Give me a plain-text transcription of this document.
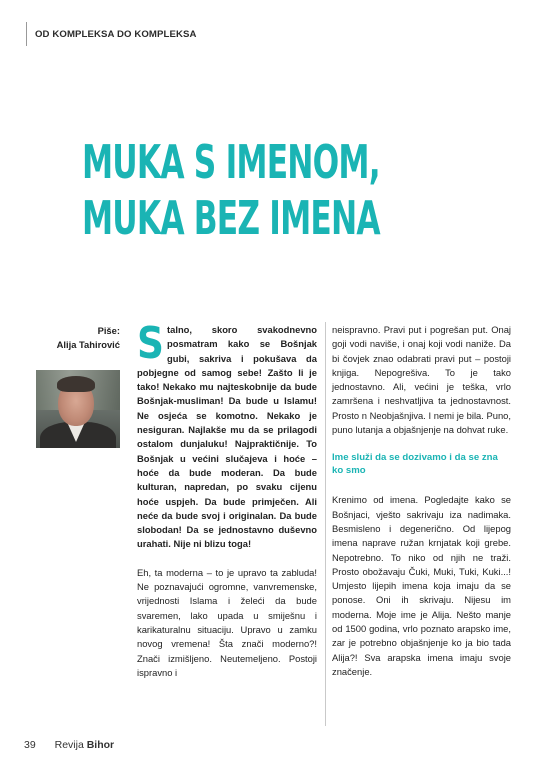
OD KOMPLEKSA DO KOMPLEKSA
MUKA S IMENOM,
MUKA BEZ IMENA
Piše:
Alija Tahirović S talno, skoro svakodnevno posmatram kako se Bošnjak gubi, sakriva i pokušava da pobjegne od samog sebe! Zašto li je tako! Nekako mu najteskobnije da bude Bošnjak-musliman! Da bude u Islamu! Ne osjeća se komotno. Nekako je nesiguran. Najlakše mu da se prilagodi ostalom dunjaluku! Najpraktičnije. To Bošnjak u većini slučajeva i hoće – hoće da bude moderan. Da bude kulturan, napredan, po svaku cijenu hoće uspjeh. Da bude primječen. Ali neće da bude svoj i originalan. Da bude slobodan! Da se jednostavno duševno urahati. Nije ni blizu toga!
Eh, ta moderna – to je upravo ta zabluda! Ne poznavajući ogromne, vanvremenske, vrijednosti Islama i želeći da bude svaremen, lako upada u smiješnu i karikaturalnu situaciju. Upravo u zamku novog vremena! Šta znači moderno?! Znači izmišljeno. Neutemeljeno. Postoji ispravno i
neispravno. Pravi put i pogrešan put. Onaj goji vodi naviše, i onaj koji vodi naniže. Da bi čovjek znao odabrati pravi put – postoji knjiga. Nepogrešiva. To je tako jednostavno. Ali, većini je teška, vrlo zamršena i neshvatljiva ta jednostavnost. Prosto n Neobjašnjiva. I nemi je bila. Puno, puno lutanja a objašnjenje na dohvat ruke.
Ime služi da se dozivamo i da se zna ko smo
Krenimo od imena. Pogledajte kako se Bošnjaci, vješto sakrivaju iza nadimaka. Besmisleno i degeneričnо. Od lijepog imena naprave ružan krnjatak koji grebe. Nepotrebno. To niko od njih ne traži. Prosto obožavaju Čuki, Muki, Tuki, Kuki...! Umjesto lijepih imena koja imaju da se ponose. Oni ih skrivaju. Nijesu im moderna. Moje ime je Alija. Nešto manje od 1500 godina, vrlo poznato arapsko ime, zar je potrebno objašnjenje ko ja bio tada Alija?! Sva arapska imena imaju svoje značenje.
39 Revija Bihor
